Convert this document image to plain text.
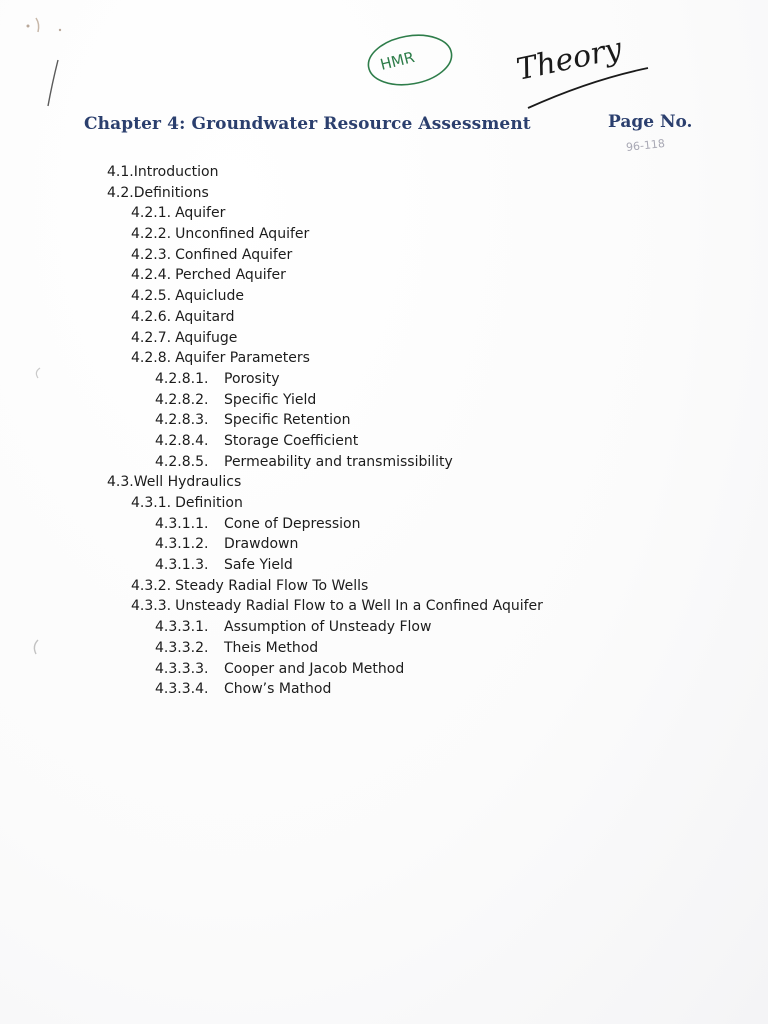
HMR	Theory
Chapter 4: Groundwater Resource Assessment	Page No.
96-118
4.1.Introduction
4.2.Definitions
4.2.1. Aquifer
4.2.2. Unconfined Aquifer
4.2.3. Confined Aquifer
4.2.4. Perched Aquifer
4.2.5. Aquiclude
4.2.6. Aquitard
4.2.7. Aquifuge
4.2.8. Aquifer Parameters
4.2.8.1. Porosity
4.2.8.2. Specific Yield
4.2.8.3. Specific Retention
4.2.8.4. Storage Coefficient
4.2.8.5. Permeability and transmissibility
4.3.Well Hydraulics
4.3.1. Definition
4.3.1.1. Cone of Depression
4.3.1.2. Drawdown
4.3.1.3. Safe Yield
4.3.2. Steady Radial Flow To Wells
4.3.3. Unsteady Radial Flow to a Well In a Confined Aquifer
4.3.3.1. Assumption of Unsteady Flow
4.3.3.2. Theis Method
4.3.3.3. Cooper and Jacob Method
4.3.3.4. Chow’s Mathod
